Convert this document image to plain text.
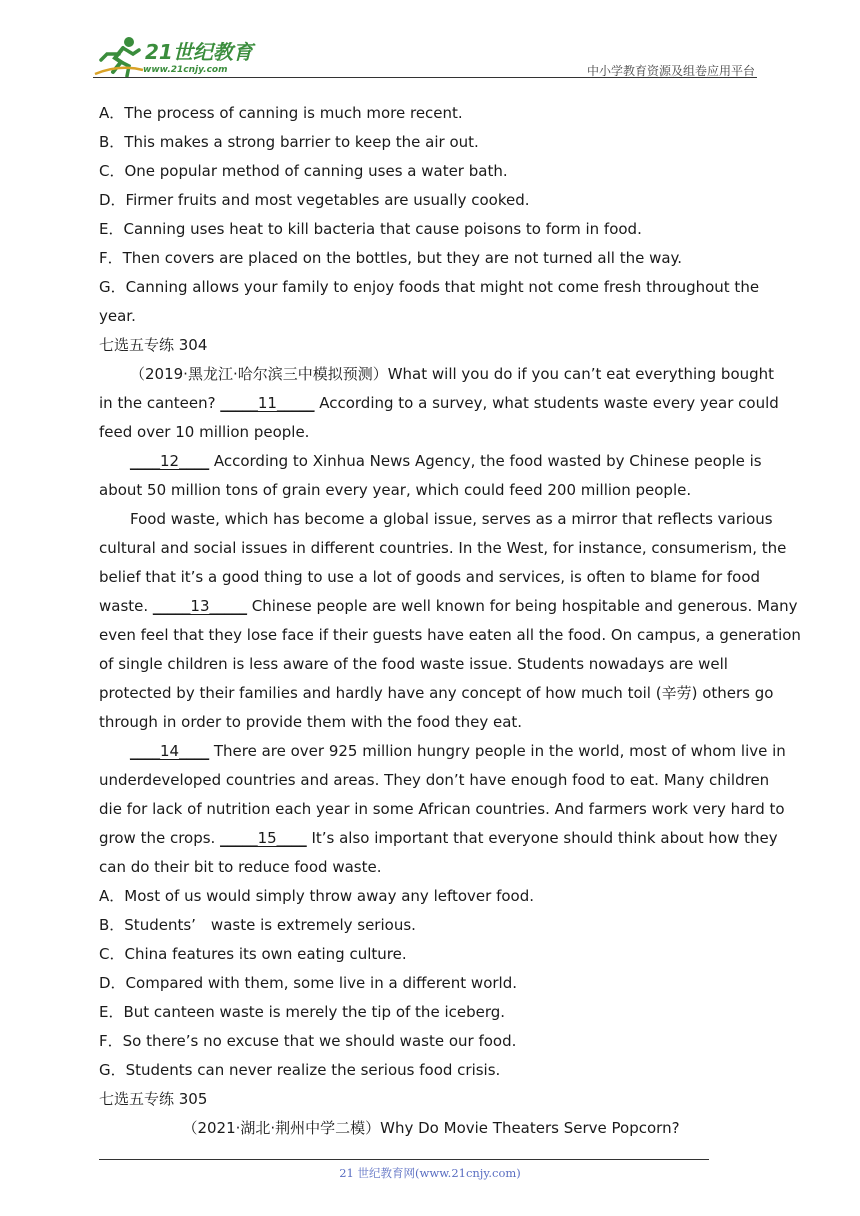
21世纪教育
www.21cnjy.com	中小学教育资源及组卷应用平台
A．The process of canning is much more recent.
B．This makes a strong barrier to keep the air out.
C．One popular method of canning uses a water bath.
D．Firmer fruits and most vegetables are usually cooked.
E．Canning uses heat to kill bacteria that cause poisons to form in food.
F．Then covers are placed on the bottles, but they are not turned all the way.
G．Canning allows your family to enjoy foods that might not come fresh throughout the
year.
七选五专练 304
（2019·黑龙江·哈尔滨三中模拟预测）What will you do if you can’t eat everything bought
in the canteen? _____11_____ According to a survey, what students waste every year could
feed over 10 million people.
____12____ According to Xinhua News Agency, the food wasted by Chinese people is
about 50 million tons of grain every year, which could feed 200 million people.
Food waste, which has become a global issue, serves as a mirror that reflects various
cultural and social issues in different countries. In the West, for instance, consumerism, the
belief that it’s a good thing to use a lot of goods and services, is often to blame for food
waste. _____13_____ Chinese people are well known for being hospitable and generous. Many
even feel that they lose face if their guests have eaten all the food. On campus, a generation
of single children is less aware of the food waste issue. Students nowadays are well
protected by their families and hardly have any concept of how much toil (辛劳) others go
through in order to provide them with the food they eat.
____14____ There are over 925 million hungry people in the world, most of whom live in
underdeveloped countries and areas. They don’t have enough food to eat. Many children
die for lack of nutrition each year in some African countries. And farmers work very hard to
grow the crops. _____15____ It’s also important that everyone should think about how they
can do their bit to reduce food waste.
A．Most of us would simply throw away any leftover food.
B．Students’　waste is extremely serious.
C．China features its own eating culture.
D．Compared with them, some live in a different world.
E．But canteen waste is merely the tip of the iceberg.
F．So there’s no excuse that we should waste our food.
G．Students can never realize the serious food crisis.
七选五专练 305
（2021·湖北·荆州中学二模）Why Do Movie Theaters Serve Popcorn?
21 世纪教育网(www.21cnjy.com)
